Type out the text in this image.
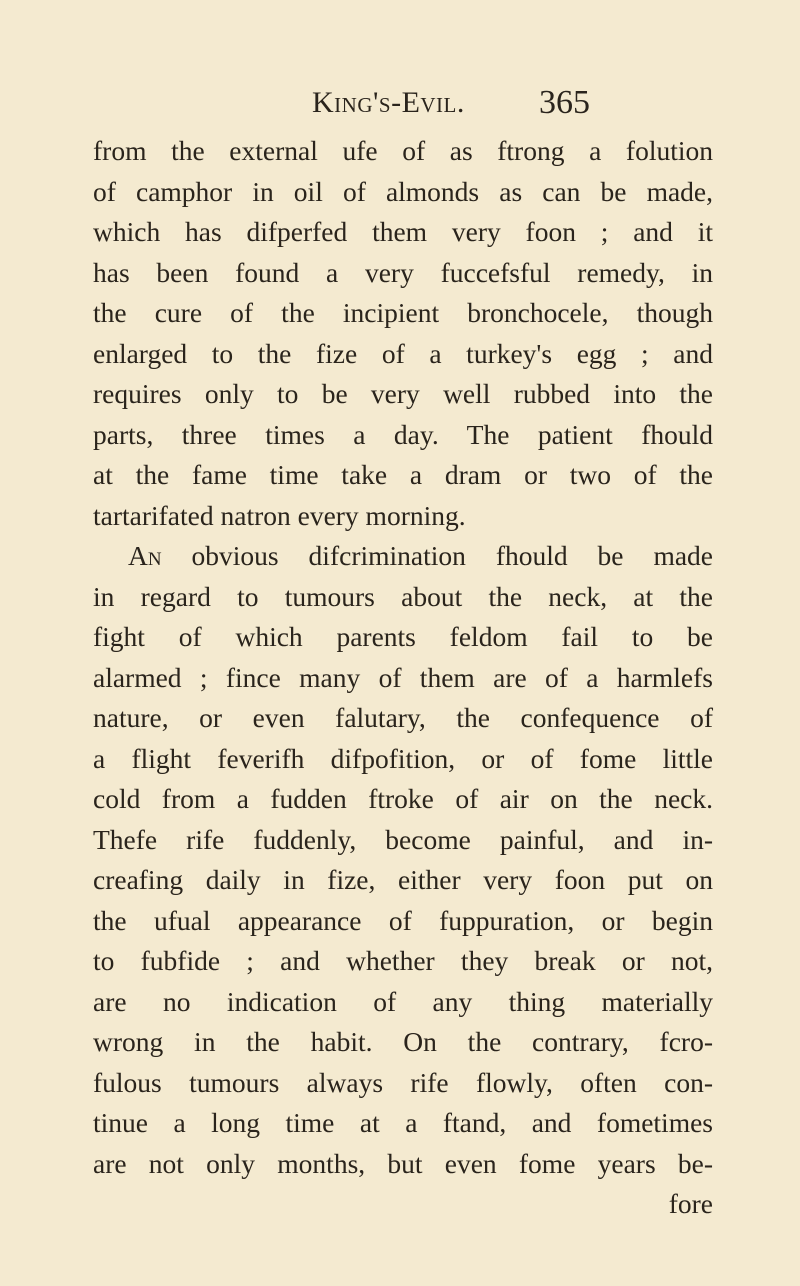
King's-Evil. 365
from the external ufe of as ftrong a folution
of camphor in oil of almonds as can be made,
which has difperfed them very foon ; and it
has been found a very fuccefsful remedy, in
the cure of the incipient bronchocele, though
enlarged to the fize of a turkey's egg ; and
requires only to be very well rubbed into the
parts, three times a day. The patient fhould
at the fame time take a dram or two of the
tartarifated natron every morning.
An obvious difcrimination fhould be made
in regard to tumours about the neck, at the
fight of which parents feldom fail to be
alarmed ; fince many of them are of a harmlefs
nature, or even falutary, the confequence of
a flight feverifh difpofition, or of fome little
cold from a fudden ftroke of air on the neck.
Thefe rife fuddenly, become painful, and in-
creafing daily in fize, either very foon put on
the ufual appearance of fuppuration, or begin
to fubfide ; and whether they break or not,
are no indication of any thing materially
wrong in the habit. On the contrary, fcro-
fulous tumours always rife flowly, often con-
tinue a long time at a ftand, and fometimes
are not only months, but even fome years be-
fore
